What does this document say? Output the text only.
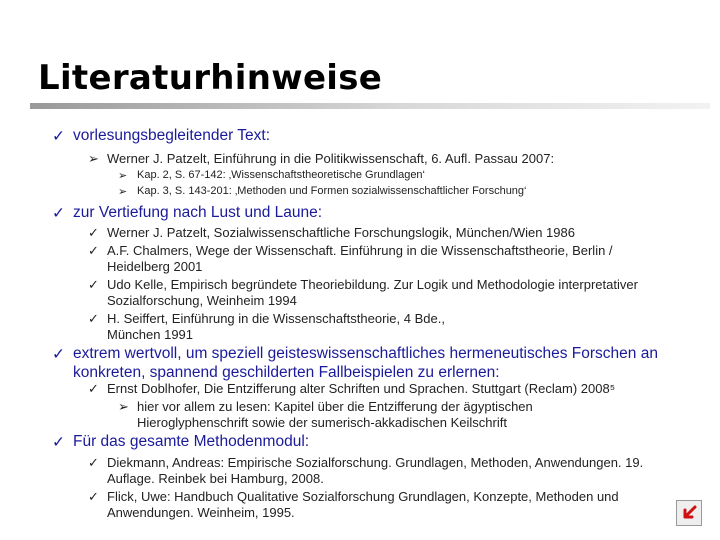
Literaturhinweise

✓ vorlesungsbegleitender Text:

➢ Werner J. Patzelt, Einführung in die Politikwissenschaft, 6. Aufl. Passau 2007:

➢ Kap. 2, S. 67-142: ‚Wissenschaftstheoretische Grundlagen‘

➢ Kap. 3, S. 143-201: ‚Methoden und Formen sozialwissenschaftlicher Forschung‘

✓ zur Vertiefung nach Lust und Laune:

✓ Werner J. Patzelt, Sozialwissenschaftliche Forschungslogik, München/Wien 1986

✓ A.F. Chalmers, Wege der Wissenschaft. Einführung in die Wissenschaftstheorie, Berlin / Heidelberg 2001

✓ Udo Kelle, Empirisch begründete Theoriebildung. Zur Logik und Methodologie interpretativer Sozialforschung, Weinheim 1994

✓ H. Seiffert, Einführung in die Wissenschaftstheorie, 4 Bde., München 1991

✓ extrem wertvoll, um speziell geisteswissenschaftliches hermeneutisches Forschen an konkreten, spannend geschilderten Fallbeispielen zu erlernen:

✓ Ernst Doblhofer, Die Entzifferung alter Schriften und Sprachen. Stuttgart (Reclam) 2008⁵

➢ hier vor allem zu lesen: Kapitel über die Entzifferung der ägyptischen Hieroglyphenschrift sowie der sumerisch-akkadischen Keilschrift

✓ Für das gesamte Methodenmodul:

✓ Diekmann, Andreas: Empirische Sozialforschung. Grundlagen, Methoden, Anwendungen. 19. Auflage. Reinbek bei Hamburg, 2008.

✓ Flick, Uwe: Handbuch Qualitative Sozialforschung Grundlagen, Konzepte, Methoden und Anwendungen. Weinheim, 1995.
